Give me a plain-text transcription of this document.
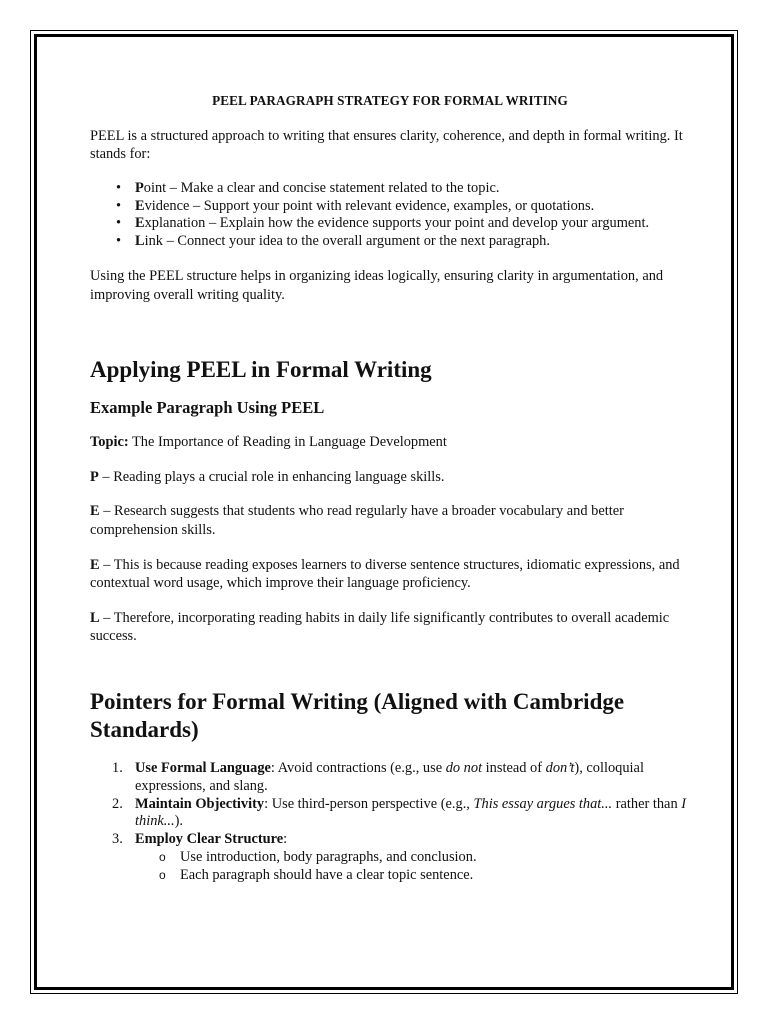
PEEL PARAGRAPH STRATEGY FOR FORMAL WRITING

PEEL is a structured approach to writing that ensures clarity, coherence, and depth in formal writing. It stands for:

• Point – Make a clear and concise statement related to the topic.
• Evidence – Support your point with relevant evidence, examples, or quotations.
• Explanation – Explain how the evidence supports your point and develop your argument.
• Link – Connect your idea to the overall argument or the next paragraph.

Using the PEEL structure helps in organizing ideas logically, ensuring clarity in argumentation, and improving overall writing quality.

Applying PEEL in Formal Writing
Example Paragraph Using PEEL

Topic: The Importance of Reading in Language Development

P – Reading plays a crucial role in enhancing language skills.

E – Research suggests that students who read regularly have a broader vocabulary and better comprehension skills.

E – This is because reading exposes learners to diverse sentence structures, idiomatic expressions, and contextual word usage, which improve their language proficiency.

L – Therefore, incorporating reading habits in daily life significantly contributes to overall academic success.

Pointers for Formal Writing (Aligned with Cambridge Standards)
1. Use Formal Language: Avoid contractions (e.g., use do not instead of don’t), colloquial expressions, and slang.
2. Maintain Objectivity: Use third-person perspective (e.g., This essay argues that... rather than I think...).
3. Employ Clear Structure:
o Use introduction, body paragraphs, and conclusion.
o Each paragraph should have a clear topic sentence.
